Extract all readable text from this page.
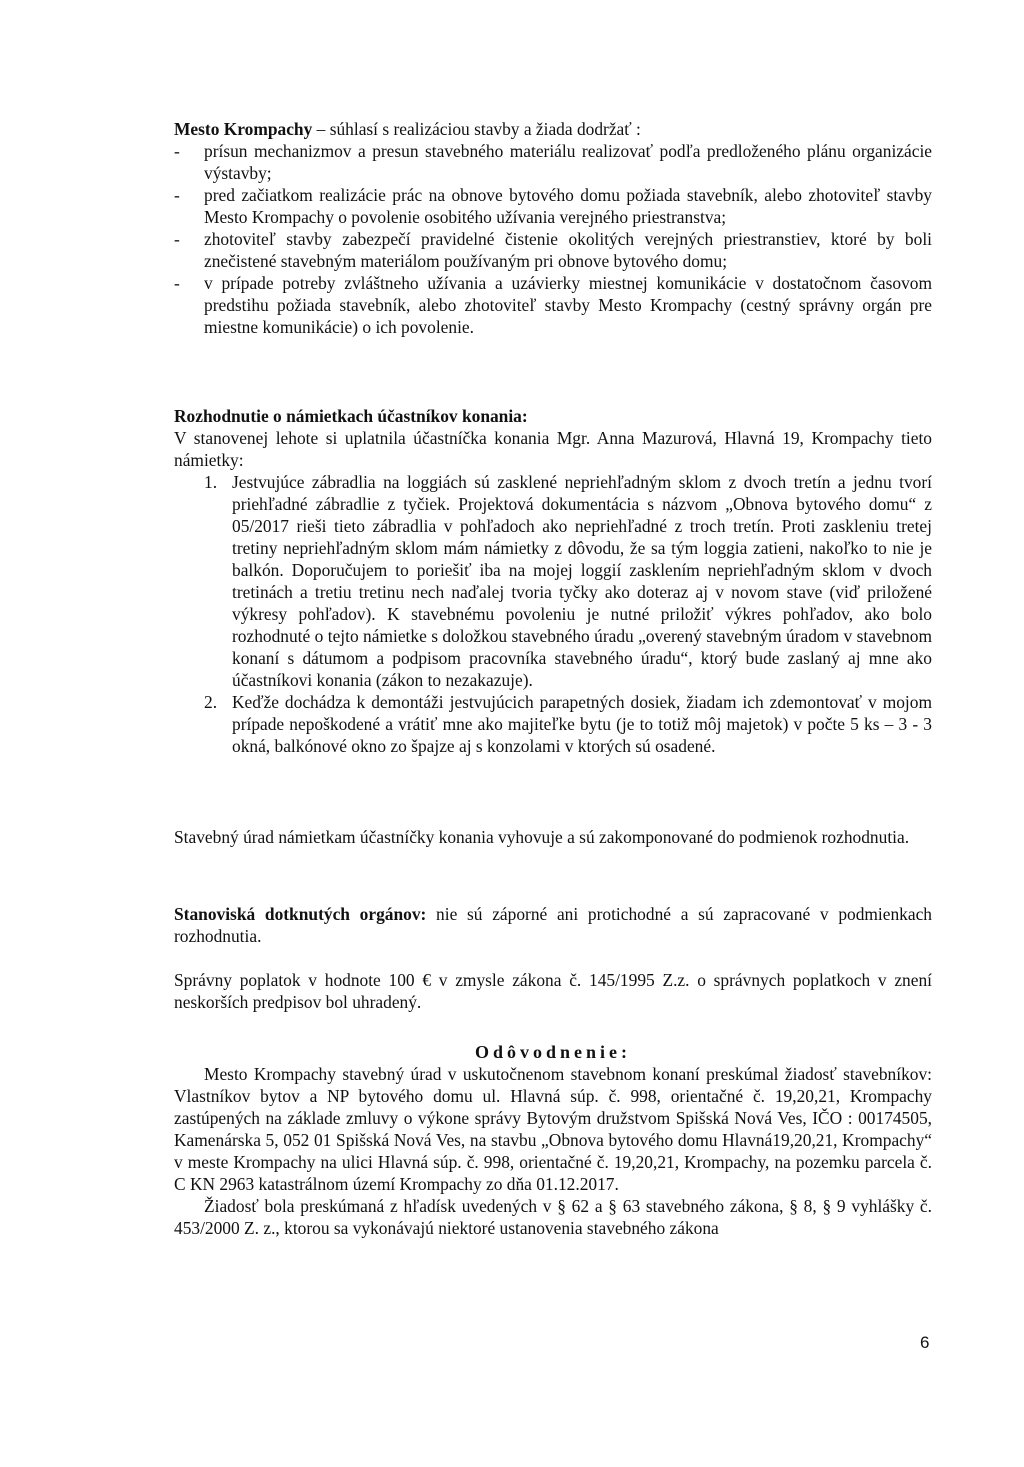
Mesto Krompachy – súhlasí s realizáciou stavby a žiada dodržať :

- prísun mechanizmov a presun stavebného materiálu realizovať podľa predloženého plánu organizácie výstavby;
- pred začiatkom realizácie prác na obnove bytového domu požiada stavebník, alebo zhotoviteľ stavby Mesto Krompachy o povolenie osobitého užívania verejného priestranstva;
- zhotoviteľ stavby zabezpečí pravidelné čistenie okolitých verejných priestranstiev, ktoré by boli znečistené stavebným materiálom používaným pri obnove bytového domu;
- v prípade potreby zvláštneho užívania a uzávierky miestnej komunikácie v dostatočnom časovom predstihu požiada stavebník, alebo zhotoviteľ stavby Mesto Krompachy (cestný správny orgán pre miestne komunikácie) o ich povolenie.

Rozhodnutie o námietkach účastníkov konania:

V stanovenej lehote si uplatnila účastníčka konania Mgr. Anna Mazurová, Hlavná 19, Krompachy tieto námietky:

1. Jestvujúce zábradlia na loggiách sú zasklené nepriehľadným sklom z dvoch tretín a jednu tvorí priehľadné zábradlie z tyčiek. Projektová dokumentácia s názvom „Obnova bytového domu“ z 05/2017 rieši tieto zábradlia v pohľadoch ako nepriehľadné z troch tretín. Proti zaskleniu tretej tretiny nepriehľadným sklom mám námietky z dôvodu, že sa tým loggia zatieni, nakoľko to nie je balkón. Doporučujem to poriešiť iba na mojej loggií zasklením nepriehľadným sklom v dvoch tretinách a tretiu tretinu nech naďalej tvoria tyčky ako doteraz aj v novom stave (viď priložené výkresy pohľadov). K stavebnému povoleniu je nutné priložiť výkres pohľadov, ako bolo rozhodnuté o tejto námietke s doložkou stavebného úradu „overený stavebným úradom v stavebnom konaní s dátumom a podpisom pracovníka stavebného úradu“, ktorý bude zaslaný aj mne ako účastníkovi konania (zákon to nezakazuje).
2. Keďže dochádza k demontáži jestvujúcich parapetných dosiek, žiadam ich zdemontovať v mojom prípade nepoškodené a vrátiť mne ako majiteľke bytu (je to totiž môj majetok) v počte 5 ks – 3 - 3 okná, balkónové okno zo špajze aj s konzolami v ktorých sú osadené.

Stavebný úrad námietkam účastníčky konania vyhovuje a sú zakomponované do podmienok rozhodnutia.

Stanoviská dotknutých orgánov: nie sú záporné ani protichodné a sú zapracované v podmienkach rozhodnutia.

Správny poplatok v hodnote 100 € v zmysle zákona č. 145/1995 Z.z. o správnych poplatkoch v znení neskorších predpisov bol uhradený.

Odôvodnenie:

Mesto Krompachy stavebný úrad v uskutočnenom stavebnom konaní preskúmal žiadosť stavebníkov: Vlastníkov bytov a NP bytového domu ul. Hlavná súp. č. 998, orientačné č. 19,20,21, Krompachy zastúpených na základe zmluvy o výkone správy Bytovým družstvom Spišská Nová Ves, IČO : 00174505, Kamenárska 5, 052 01 Spišská Nová Ves, na stavbu „Obnova bytového domu Hlavná19,20,21, Krompachy“ v meste Krompachy na ulici Hlavná súp. č. 998, orientačné č. 19,20,21, Krompachy, na pozemku parcela č. C KN 2963 katastrálnom území Krompachy zo dňa 01.12.2017.

Žiadosť bola preskúmaná z hľadísk uvedených v § 62 a § 63 stavebného zákona, § 8, § 9 vyhlášky č. 453/2000 Z. z., ktorou sa vykonávajú niektoré ustanovenia stavebného zákona

6
